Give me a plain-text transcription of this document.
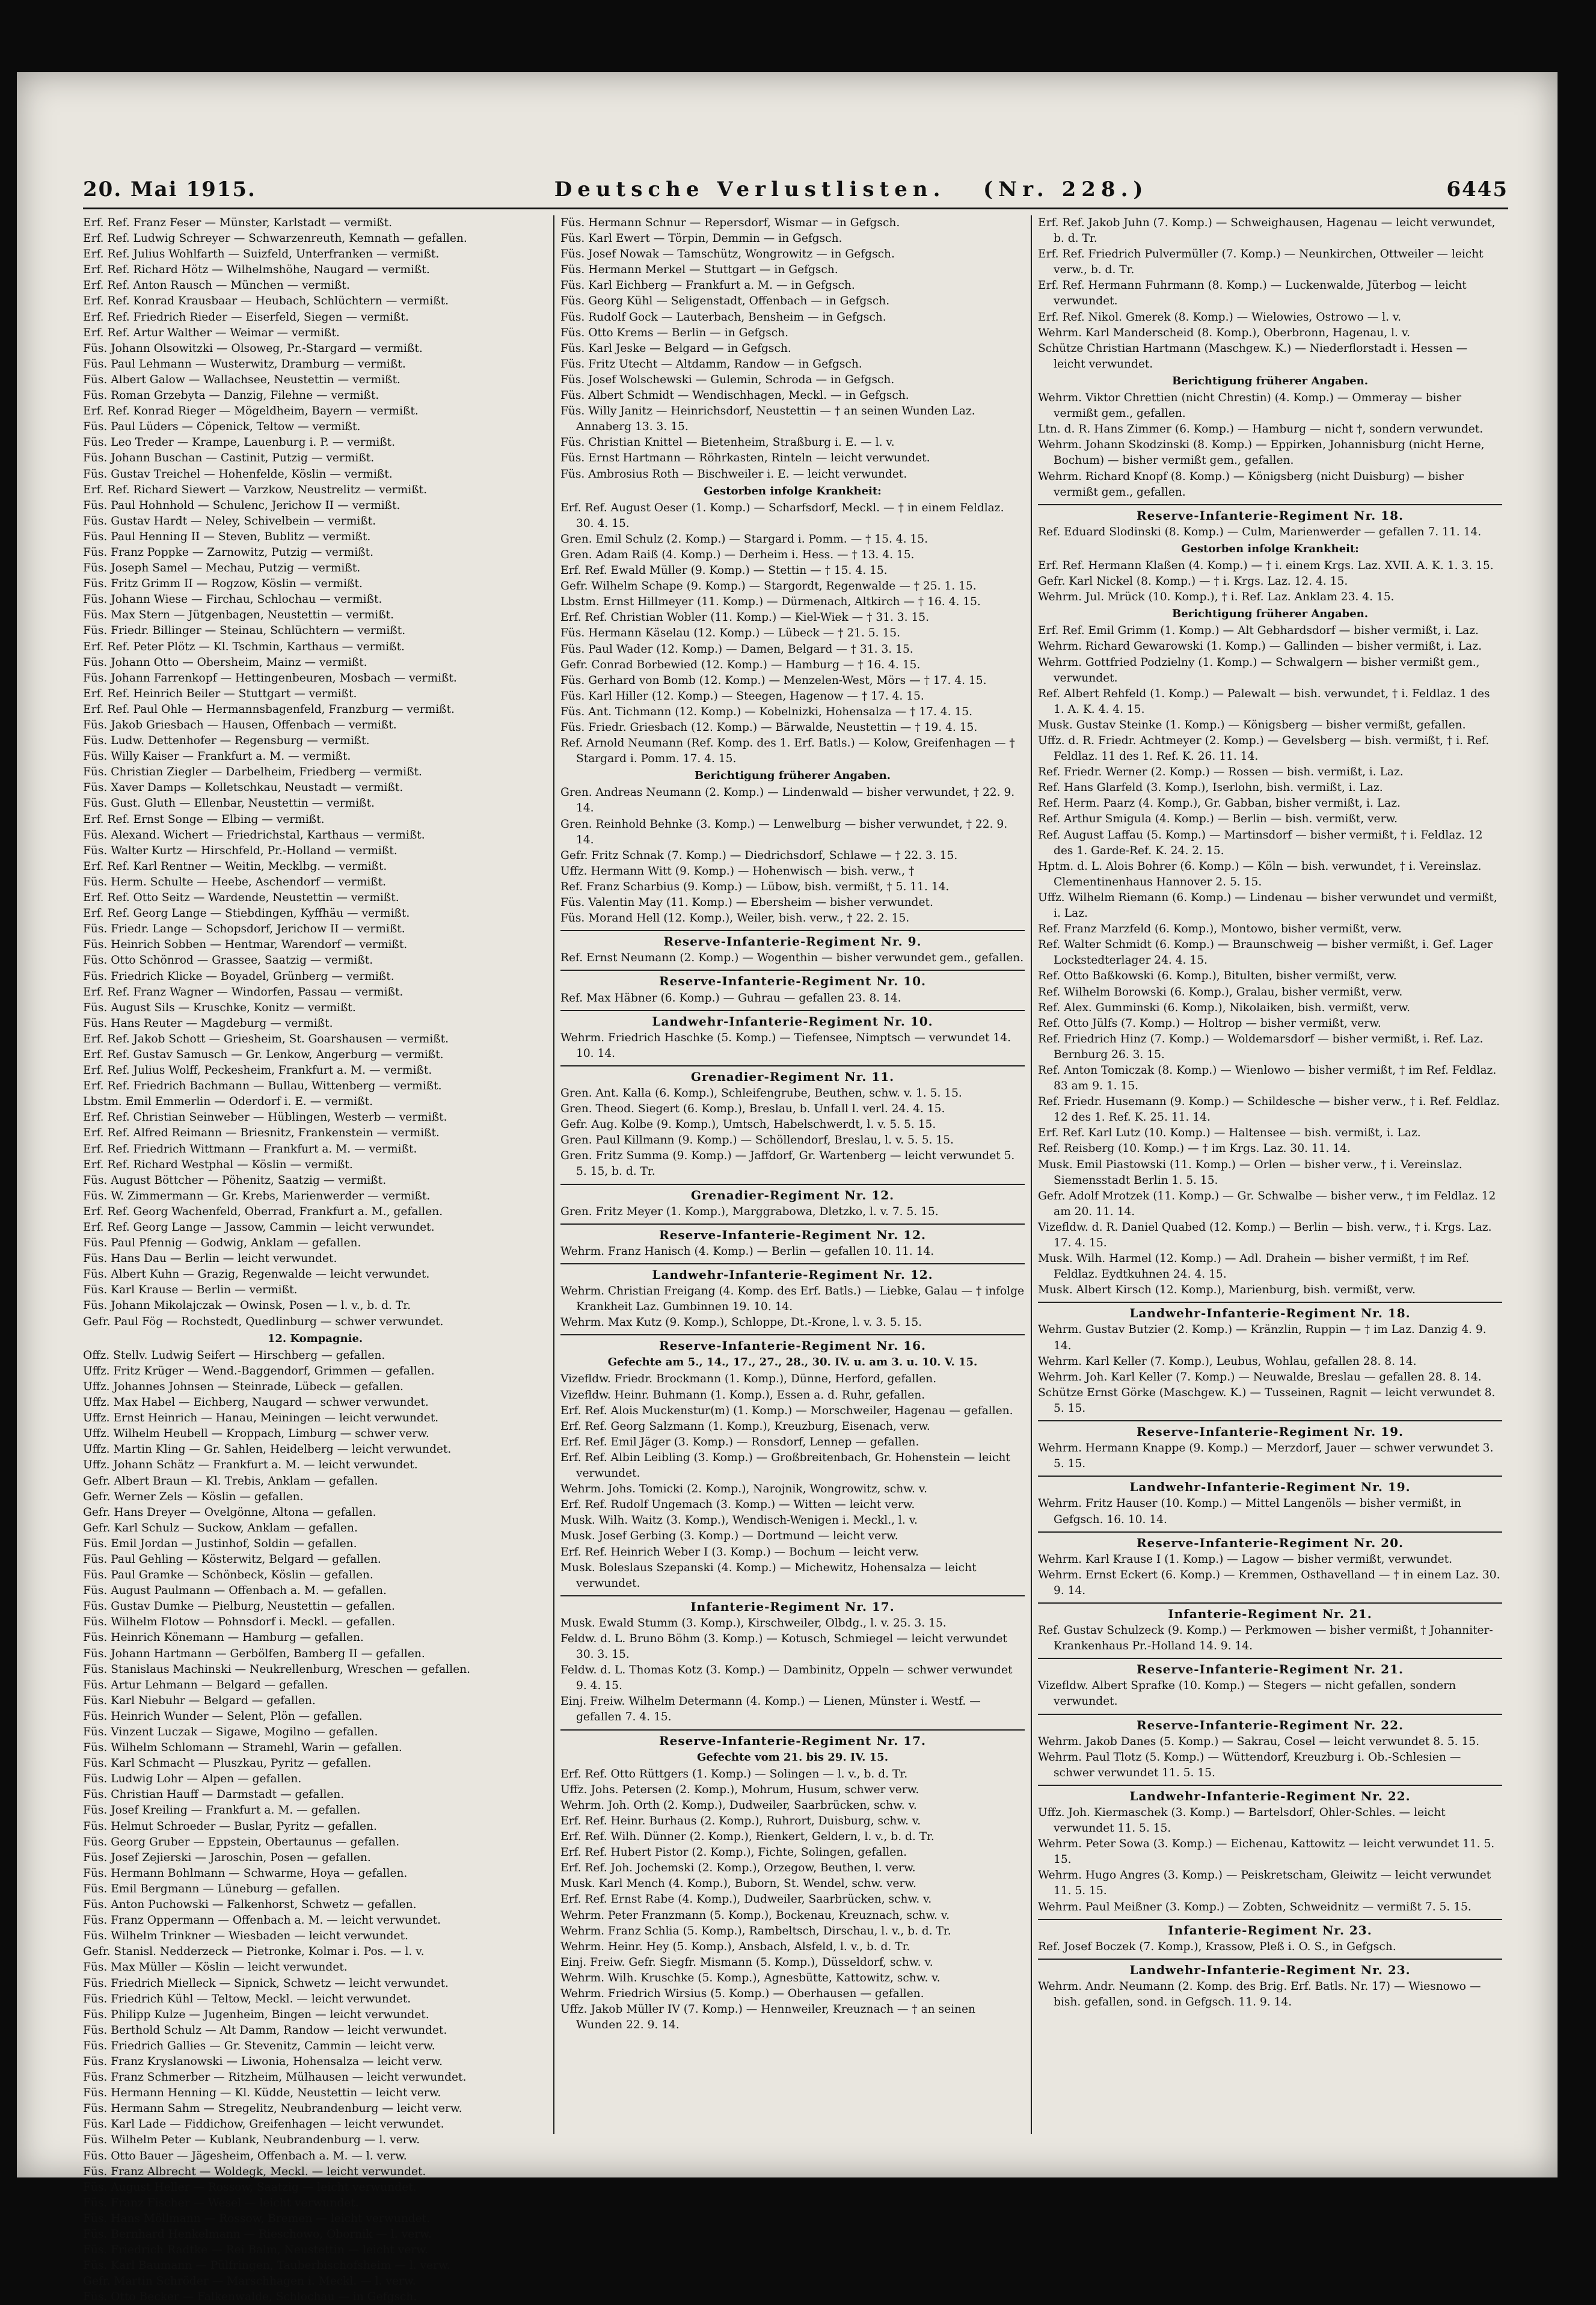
20. Mai 1915.	Deutsche Verlustlisten. (Nr. 228.)	6445
Erf. Ref. Franz Feser — Münster, Karlstadt — vermißt.
Erf. Ref. Ludwig Schreyer — Schwarzenreuth, Kemnath — gefallen.
Erf. Ref. Julius Wohlfarth — Suizfeld, Unterfranken — vermißt.
Erf. Ref. Richard Hötz — Wilhelmshöhe, Naugard — vermißt.
Erf. Ref. Anton Rausch — München — vermißt.
Erf. Ref. Konrad Krausbaar — Heubach, Schlüchtern — vermißt.
Erf. Ref. Friedrich Rieder — Eiserfeld, Siegen — vermißt.
Erf. Ref. Artur Walther — Weimar — vermißt.
Füs. Johann Olsowitzki — Olsoweg, Pr.-Stargard — vermißt.
Füs. Paul Lehmann — Wusterwitz, Dramburg — vermißt.
Füs. Albert Galow — Wallachsee, Neustettin — vermißt.
Füs. Roman Grzebyta — Danzig, Filehne — vermißt.
Erf. Ref. Konrad Rieger — Mögeldheim, Bayern — vermißt.
Füs. Paul Lüders — Cöpenick, Teltow — vermißt.
Füs. Leo Treder — Krampe, Lauenburg i. P. — vermißt.
Füs. Johann Buschan — Castinit, Putzig — vermißt.
Füs. Gustav Treichel — Hohenfelde, Köslin — vermißt.
Erf. Ref. Richard Siewert — Varzkow, Neustrelitz — vermißt.
Füs. Paul Hohnhold — Schulenc, Jerichow II — vermißt.
Füs. Gustav Hardt — Neley, Schivelbein — vermißt.
Füs. Paul Henning II — Steven, Bublitz — vermißt.
Füs. Franz Poppke — Zarnowitz, Putzig — vermißt.
Füs. Joseph Samel — Mechau, Putzig — vermißt.
Füs. Fritz Grimm II — Rogzow, Köslin — vermißt.
Füs. Johann Wiese — Firchau, Schlochau — vermißt.
Füs. Max Stern — Jütgenbagen, Neustettin — vermißt.
Füs. Friedr. Billinger — Steinau, Schlüchtern — vermißt.
Erf. Ref. Peter Plötz — Kl. Tschmin, Karthaus — vermißt.
Füs. Johann Otto — Obersheim, Mainz — vermißt.
Füs. Johann Farrenkopf — Hettingenbeuren, Mosbach — vermißt.
Erf. Ref. Heinrich Beiler — Stuttgart — vermißt.
Erf. Ref. Paul Ohle — Hermannsbagenfeld, Franzburg — vermißt.
Füs. Jakob Griesbach — Hausen, Offenbach — vermißt.
Füs. Ludw. Dettenhofer — Regensburg — vermißt.
Füs. Willy Kaiser — Frankfurt a. M. — vermißt.
Füs. Christian Ziegler — Darbelheim, Friedberg — vermißt.
Füs. Xaver Damps — Kolletschkau, Neustadt — vermißt.
Füs. Gust. Gluth — Ellenbar, Neustettin — vermißt.
Erf. Ref. Ernst Songe — Elbing — vermißt.
Füs. Alexand. Wichert — Friedrichstal, Karthaus — vermißt.
Füs. Walter Kurtz — Hirschfeld, Pr.-Holland — vermißt.
Erf. Ref. Karl Rentner — Weitin, Mecklbg. — vermißt.
Füs. Herm. Schulte — Heebe, Aschendorf — vermißt.
Erf. Ref. Otto Seitz — Wardende, Neustettin — vermißt.
Erf. Ref. Georg Lange — Stiebdingen, Kyffhäu — vermißt.
Füs. Friedr. Lange — Schopsdorf, Jerichow II — vermißt.
Füs. Heinrich Sobben — Hentmar, Warendorf — vermißt.
Füs. Otto Schönrod — Grassee, Saatzig — vermißt.
Füs. Friedrich Klicke — Boyadel, Grünberg — vermißt.
Erf. Ref. Franz Wagner — Windorfen, Passau — vermißt.
Füs. August Sils — Kruschke, Konitz — vermißt.
Füs. Hans Reuter — Magdeburg — vermißt.
Erf. Ref. Jakob Schott — Griesheim, St. Goarshausen — vermißt.
Erf. Ref. Gustav Samusch — Gr. Lenkow, Angerburg — vermißt.
Erf. Ref. Julius Wolff, Peckesheim, Frankfurt a. M. — vermißt.
Erf. Ref. Friedrich Bachmann — Bullau, Wittenberg — vermißt.
Lbstm. Emil Emmerlin — Oderdorf i. E. — vermißt.
Erf. Ref. Christian Seinweber — Hüblingen, Westerb — vermißt.
Erf. Ref. Alfred Reimann — Briesnitz, Frankenstein — vermißt.
Erf. Ref. Friedrich Wittmann — Frankfurt a. M. — vermißt.
Erf. Ref. Richard Westphal — Köslin — vermißt.
Füs. August Böttcher — Pöhenitz, Saatzig — vermißt.
Füs. W. Zimmermann — Gr. Krebs, Marienwerder — vermißt.
Erf. Ref. Georg Wachenfeld, Oberrad, Frankfurt a. M., gefallen.
Erf. Ref. Georg Lange — Jassow, Cammin — leicht verwundet.
Füs. Paul Pfennig — Godwig, Anklam — gefallen.
Füs. Hans Dau — Berlin — leicht verwundet.
Füs. Albert Kuhn — Grazig, Regenwalde — leicht verwundet.
Füs. Karl Krause — Berlin — vermißt.
Füs. Johann Mikolajczak — Owinsk, Posen — l. v., b. d. Tr.
Gefr. Paul Fög — Rochstedt, Quedlinburg — schwer verwundet.
12. Kompagnie.
Offz. Stellv. Ludwig Seifert — Hirschberg — gefallen.
Uffz. Fritz Krüger — Wend.-Baggendorf, Grimmen — gefallen.
Uffz. Johannes Johnsen — Steinrade, Lübeck — gefallen.
Uffz. Max Habel — Eichberg, Naugard — schwer verwundet.
Uffz. Ernst Heinrich — Hanau, Meiningen — leicht verwundet.
Uffz. Wilhelm Heubell — Kroppach, Limburg — schwer verw.
Uffz. Martin Kling — Gr. Sahlen, Heidelberg — leicht verwundet.
Uffz. Johann Schätz — Frankfurt a. M. — leicht verwundet.
Gefr. Albert Braun — Kl. Trebis, Anklam — gefallen.
Gefr. Werner Zels — Köslin — gefallen.
Gefr. Hans Dreyer — Ovelgönne, Altona — gefallen.
Gefr. Karl Schulz — Suckow, Anklam — gefallen.
Füs. Emil Jordan — Justinhof, Soldin — gefallen.
Füs. Paul Gehling — Kösterwitz, Belgard — gefallen.
Füs. Paul Gramke — Schönbeck, Köslin — gefallen.
Füs. August Paulmann — Offenbach a. M. — gefallen.
Füs. Gustav Dumke — Pielburg, Neustettin — gefallen.
Füs. Wilhelm Flotow — Pohnsdorf i. Meckl. — gefallen.
Füs. Heinrich Könemann — Hamburg — gefallen.
Füs. Johann Hartmann — Gerbölfen, Bamberg II — gefallen.
Füs. Stanislaus Machinski — Neukrellenburg, Wreschen — gefallen.
Füs. Artur Lehmann — Belgard — gefallen.
Füs. Karl Niebuhr — Belgard — gefallen.
Füs. Heinrich Wunder — Selent, Plön — gefallen.
Füs. Vinzent Luczak — Sigawe, Mogilno — gefallen.
Füs. Wilhelm Schlomann — Stramehl, Warin — gefallen.
Füs. Karl Schmacht — Pluszkau, Pyritz — gefallen.
Füs. Ludwig Lohr — Alpen — gefallen.
Füs. Christian Hauff — Darmstadt — gefallen.
Füs. Josef Kreiling — Frankfurt a. M. — gefallen.
Füs. Helmut Schroeder — Buslar, Pyritz — gefallen.
Füs. Georg Gruber — Eppstein, Obertaunus — gefallen.
Füs. Josef Zejierski — Jaroschin, Posen — gefallen.
Füs. Hermann Bohlmann — Schwarme, Hoya — gefallen.
Füs. Emil Bergmann — Lüneburg — gefallen.
Füs. Anton Puchowski — Falkenhorst, Schwetz — gefallen.
Füs. Franz Oppermann — Offenbach a. M. — leicht verwundet.
Füs. Wilhelm Trinkner — Wiesbaden — leicht verwundet.
Gefr. Stanisl. Nedderzeck — Pietronke, Kolmar i. Pos. — l. v.
Füs. Max Müller — Köslin — leicht verwundet.
Füs. Friedrich Mielleck — Sipnick, Schwetz — leicht verwundet.
Füs. Friedrich Kühl — Teltow, Meckl. — leicht verwundet.
Füs. Philipp Kulze — Jugenheim, Bingen — leicht verwundet.
Füs. Berthold Schulz — Alt Damm, Randow — leicht verwundet.
Füs. Friedrich Gallies — Gr. Stevenitz, Cammin — leicht verw.
Füs. Franz Kryslanowski — Liwonia, Hohensalza — leicht verw.
Füs. Franz Schmerber — Ritzheim, Mülhausen — leicht verwundet.
Füs. Hermann Henning — Kl. Küdde, Neustettin — leicht verw.
Füs. Hermann Sahm — Stregelitz, Neubrandenburg — leicht verw.
Füs. Karl Lade — Fiddichow, Greifenhagen — leicht verwundet.
Füs. Wilhelm Peter — Kublank, Neubrandenburg — l. verw.
Füs. Otto Bauer — Jägesheim, Offenbach a. M. — l. verw.
Füs. Franz Albrecht — Woldegk, Meckl. — leicht verwundet.
Füs. August Heller — Rossow, Saatzig — leicht verwundet.
Füs. Franz Fischer — Wesel — leicht verwundet.
Füs. Hans Möllmann — Rossow, Bremen — leicht verwundet.
Füs. Bernhard Henkelmann — Rieschowo, Obornik — l. verw.
Füs. Friedrich Radtke — Rei Balm, Neustettin — leicht verw.
Füs. Karl Baumann — Pülfringen, Tauberbischofsheim — l. verw.
Gefr. Martin Schröder — Marschhagen i. Meckl. — l. verw.
Füs. Otto Becker — Falkenwalde, Schlochau — in Gefgsch.
Füs. Hermann Schnur — Repersdorf, Wismar — in Gefgsch.
Füs. Karl Ewert — Törpin, Demmin — in Gefgsch.
Füs. Josef Nowak — Tamschütz, Wongrowitz — in Gefgsch.
Füs. Hermann Merkel — Stuttgart — in Gefgsch.
Füs. Karl Eichberg — Frankfurt a. M. — in Gefgsch.
Füs. Georg Kühl — Seligenstadt, Offenbach — in Gefgsch.
Füs. Rudolf Gock — Lauterbach, Bensheim — in Gefgsch.
Füs. Otto Krems — Berlin — in Gefgsch.
Füs. Karl Jeske — Belgard — in Gefgsch.
Füs. Fritz Utecht — Altdamm, Randow — in Gefgsch.
Füs. Josef Wolschewski — Gulemin, Schroda — in Gefgsch.
Füs. Albert Schmidt — Wendischhagen, Meckl. — in Gefgsch.
Füs. Willy Janitz — Heinrichsdorf, Neustettin — † an seinen Wunden Laz. Annaberg 13. 3. 15.
Füs. Christian Knittel — Bietenheim, Straßburg i. E. — l. v.
Füs. Ernst Hartmann — Röhrkasten, Rinteln — leicht verwundet.
Füs. Ambrosius Roth — Bischweiler i. E. — leicht verwundet.
Gestorben infolge Krankheit:
Erf. Ref. August Oeser (1. Komp.) — Scharfsdorf, Meckl. — † in einem Feldlaz. 30. 4. 15.
Gren. Emil Schulz (2. Komp.) — Stargard i. Pomm. — † 15. 4. 15.
Gren. Adam Raiß (4. Komp.) — Derheim i. Hess. — † 13. 4. 15.
Erf. Ref. Ewald Müller (9. Komp.) — Stettin — † 15. 4. 15.
Gefr. Wilhelm Schape (9. Komp.) — Stargordt, Regenwalde — † 25. 1. 15.
Lbstm. Ernst Hillmeyer (11. Komp.) — Dürmenach, Altkirch — † 16. 4. 15.
Erf. Ref. Christian Wobler (11. Komp.) — Kiel-Wiek — † 31. 3. 15.
Füs. Hermann Käselau (12. Komp.) — Lübeck — † 21. 5. 15.
Füs. Paul Wader (12. Komp.) — Damen, Belgard — † 31. 3. 15.
Gefr. Conrad Borbewied (12. Komp.) — Hamburg — † 16. 4. 15.
Füs. Gerhard von Bomb (12. Komp.) — Menzelen-West, Mörs — † 17. 4. 15.
Füs. Karl Hiller (12. Komp.) — Steegen, Hagenow — † 17. 4. 15.
Füs. Ant. Tichmann (12. Komp.) — Kobelnizki, Hohensalza — † 17. 4. 15.
Füs. Friedr. Griesbach (12. Komp.) — Bärwalde, Neustettin — † 19. 4. 15.
Ref. Arnold Neumann (Ref. Komp. des 1. Erf. Batls.) — Kolow, Greifenhagen — † Stargard i. Pomm. 17. 4. 15.
Berichtigung früherer Angaben.
Gren. Andreas Neumann (2. Komp.) — Lindenwald — bisher verwundet, † 22. 9. 14.
Gren. Reinhold Behnke (3. Komp.) — Lenwelburg — bisher verwundet, † 22. 9. 14.
Gefr. Fritz Schnak (7. Komp.) — Diedrichsdorf, Schlawe — † 22. 3. 15.
Uffz. Hermann Witt (9. Komp.) — Hohenwisch — bish. verw., †
Ref. Franz Scharbius (9. Komp.) — Lübow, bish. vermißt, † 5. 11. 14.
Füs. Valentin May (11. Komp.) — Ebersheim — bisher verwundet.
Füs. Morand Hell (12. Komp.), Weiler, bish. verw., † 22. 2. 15.
Reserve-Infanterie-Regiment Nr. 9.
Ref. Ernst Neumann (2. Komp.) — Wogenthin — bisher verwundet gem., gefallen.
Reserve-Infanterie-Regiment Nr. 10.
Ref. Max Häbner (6. Komp.) — Guhrau — gefallen 23. 8. 14.
Landwehr-Infanterie-Regiment Nr. 10.
Wehrm. Friedrich Haschke (5. Komp.) — Tiefensee, Nimptsch — verwundet 14. 10. 14.
Grenadier-Regiment Nr. 11.
Gren. Ant. Kalla (6. Komp.), Schleifengrube, Beuthen, schw. v. 1. 5. 15.
Gren. Theod. Siegert (6. Komp.), Breslau, b. Unfall l. verl. 24. 4. 15.
Gefr. Aug. Kolbe (9. Komp.), Umtsch, Habelschwerdt, l. v. 5. 5. 15.
Gren. Paul Killmann (9. Komp.) — Schöllendorf, Breslau, l. v. 5. 5. 15.
Gren. Fritz Summa (9. Komp.) — Jaffdorf, Gr. Wartenberg — leicht verwundet 5. 5. 15, b. d. Tr.
Grenadier-Regiment Nr. 12.
Gren. Fritz Meyer (1. Komp.), Marggrabowa, Dletzko, l. v. 7. 5. 15.
Reserve-Infanterie-Regiment Nr. 12.
Wehrm. Franz Hanisch (4. Komp.) — Berlin — gefallen 10. 11. 14.
Landwehr-Infanterie-Regiment Nr. 12.
Wehrm. Christian Freigang (4. Komp. des Erf. Batls.) — Liebke, Galau — † infolge Krankheit Laz. Gumbinnen 19. 10. 14.
Wehrm. Max Kutz (9. Komp.), Schloppe, Dt.-Krone, l. v. 3. 5. 15.
Reserve-Infanterie-Regiment Nr. 16.
Gefechte am 5., 14., 17., 27., 28., 30. IV. u. am 3. u. 10. V. 15.
Vizefldw. Friedr. Brockmann (1. Komp.), Dünne, Herford, gefallen.
Vizefldw. Heinr. Buhmann (1. Komp.), Essen a. d. Ruhr, gefallen.
Erf. Ref. Alois Muckenstur(m) (1. Komp.) — Morschweiler, Hagenau — gefallen.
Erf. Ref. Georg Salzmann (1. Komp.), Kreuzburg, Eisenach, verw.
Erf. Ref. Emil Jäger (3. Komp.) — Ronsdorf, Lennep — gefallen.
Erf. Ref. Albin Leibling (3. Komp.) — Großbreitenbach, Gr. Hohenstein — leicht verwundet.
Wehrm. Johs. Tomicki (2. Komp.), Narojnik, Wongrowitz, schw. v.
Erf. Ref. Rudolf Ungemach (3. Komp.) — Witten — leicht verw.
Musk. Wilh. Waitz (3. Komp.), Wendisch-Wenigen i. Meckl., l. v.
Musk. Josef Gerbing (3. Komp.) — Dortmund — leicht verw.
Erf. Ref. Heinrich Weber I (3. Komp.) — Bochum — leicht verw.
Musk. Boleslaus Szepanski (4. Komp.) — Michewitz, Hohensalza — leicht verwundet.
Infanterie-Regiment Nr. 17.
Musk. Ewald Stumm (3. Komp.), Kirschweiler, Olbdg., l. v. 25. 3. 15.
Feldw. d. L. Bruno Böhm (3. Komp.) — Kotusch, Schmiegel — leicht verwundet 30. 3. 15.
Feldw. d. L. Thomas Kotz (3. Komp.) — Dambinitz, Oppeln — schwer verwundet 9. 4. 15.
Einj. Freiw. Wilhelm Determann (4. Komp.) — Lienen, Münster i. Westf. — gefallen 7. 4. 15.
Reserve-Infanterie-Regiment Nr. 17.
Gefechte vom 21. bis 29. IV. 15.
Erf. Ref. Otto Rüttgers (1. Komp.) — Solingen — l. v., b. d. Tr.
Uffz. Johs. Petersen (2. Komp.), Mohrum, Husum, schwer verw.
Wehrm. Joh. Orth (2. Komp.), Dudweiler, Saarbrücken, schw. v.
Erf. Ref. Heinr. Burhaus (2. Komp.), Ruhrort, Duisburg, schw. v.
Erf. Ref. Wilh. Dünner (2. Komp.), Rienkert, Geldern, l. v., b. d. Tr.
Erf. Ref. Hubert Pistor (2. Komp.), Fichte, Solingen, gefallen.
Erf. Ref. Joh. Jochemski (2. Komp.), Orzegow, Beuthen, l. verw.
Musk. Karl Mench (4. Komp.), Buborn, St. Wendel, schw. verw.
Erf. Ref. Ernst Rabe (4. Komp.), Dudweiler, Saarbrücken, schw. v.
Wehrm. Peter Franzmann (5. Komp.), Bockenau, Kreuznach, schw. v.
Wehrm. Franz Schlia (5. Komp.), Rambeltsch, Dirschau, l. v., b. d. Tr.
Wehrm. Heinr. Hey (5. Komp.), Ansbach, Alsfeld, l. v., b. d. Tr.
Einj. Freiw. Gefr. Siegfr. Mismann (5. Komp.), Düsseldorf, schw. v.
Wehrm. Wilh. Kruschke (5. Komp.), Agnesbütte, Kattowitz, schw. v.
Wehrm. Friedrich Wirsius (5. Komp.) — Oberhausen — gefallen.
Uffz. Jakob Müller IV (7. Komp.) — Hennweiler, Kreuznach — † an seinen Wunden 22. 9. 14.
Erf. Ref. Jakob Juhn (7. Komp.) — Schweighausen, Hagenau — leicht verwundet, b. d. Tr.
Erf. Ref. Friedrich Pulvermüller (7. Komp.) — Neunkirchen, Ottweiler — leicht verw., b. d. Tr.
Erf. Ref. Hermann Fuhrmann (8. Komp.) — Luckenwalde, Jüterbog — leicht verwundet.
Erf. Ref. Nikol. Gmerek (8. Komp.) — Wielowies, Ostrowo — l. v.
Wehrm. Karl Manderscheid (8. Komp.), Oberbronn, Hagenau, l. v.
Schütze Christian Hartmann (Maschgew. K.) — Niederflorstadt i. Hessen — leicht verwundet.
Berichtigung früherer Angaben.
Wehrm. Viktor Chrettien (nicht Chrestin) (4. Komp.) — Ommeray — bisher vermißt gem., gefallen.
Ltn. d. R. Hans Zimmer (6. Komp.) — Hamburg — nicht †, sondern verwundet.
Wehrm. Johann Skodzinski (8. Komp.) — Eppirken, Johannisburg (nicht Herne, Bochum) — bisher vermißt gem., gefallen.
Wehrm. Richard Knopf (8. Komp.) — Königsberg (nicht Duisburg) — bisher vermißt gem., gefallen.
Reserve-Infanterie-Regiment Nr. 18.
Ref. Eduard Slodinski (8. Komp.) — Culm, Marienwerder — gefallen 7. 11. 14.
Gestorben infolge Krankheit:
Erf. Ref. Hermann Klaßen (4. Komp.) — † i. einem Krgs. Laz. XVII. A. K. 1. 3. 15.
Gefr. Karl Nickel (8. Komp.) — † i. Krgs. Laz. 12. 4. 15.
Wehrm. Jul. Mrück (10. Komp.), † i. Ref. Laz. Anklam 23. 4. 15.
Berichtigung früherer Angaben.
Erf. Ref. Emil Grimm (1. Komp.) — Alt Gebhardsdorf — bisher vermißt, i. Laz.
Wehrm. Richard Gewarowski (1. Komp.) — Gallinden — bisher vermißt, i. Laz.
Wehrm. Gottfried Podzielny (1. Komp.) — Schwalgern — bisher vermißt gem., verwundet.
Ref. Albert Rehfeld (1. Komp.) — Palewalt — bish. verwundet, † i. Feldlaz. 1 des 1. A. K. 4. 4. 15.
Musk. Gustav Steinke (1. Komp.) — Königsberg — bisher vermißt, gefallen.
Uffz. d. R. Friedr. Achtmeyer (2. Komp.) — Gevelsberg — bish. vermißt, † i. Ref. Feldlaz. 11 des 1. Ref. K. 26. 11. 14.
Ref. Friedr. Werner (2. Komp.) — Rossen — bish. vermißt, i. Laz.
Ref. Hans Glarfeld (3. Komp.), Iserlohn, bish. vermißt, i. Laz.
Ref. Herm. Paarz (4. Komp.), Gr. Gabban, bisher vermißt, i. Laz.
Ref. Arthur Smigula (4. Komp.) — Berlin — bish. vermißt, verw.
Ref. August Laffau (5. Komp.) — Martinsdorf — bisher vermißt, † i. Feldlaz. 12 des 1. Garde-Ref. K. 24. 2. 15.
Hptm. d. L. Alois Bohrer (6. Komp.) — Köln — bish. verwundet, † i. Vereinslaz. Clementinenhaus Hannover 2. 5. 15.
Uffz. Wilhelm Riemann (6. Komp.) — Lindenau — bisher verwundet und vermißt, i. Laz.
Ref. Franz Marzfeld (6. Komp.), Montowo, bisher vermißt, verw.
Ref. Walter Schmidt (6. Komp.) — Braunschweig — bisher vermißt, i. Gef. Lager Lockstedterlager 24. 4. 15.
Ref. Otto Baßkowski (6. Komp.), Bitulten, bisher vermißt, verw.
Ref. Wilhelm Borowski (6. Komp.), Gralau, bisher vermißt, verw.
Ref. Alex. Gumminski (6. Komp.), Nikolaiken, bish. vermißt, verw.
Ref. Otto Jülfs (7. Komp.) — Holtrop — bisher vermißt, verw.
Ref. Friedrich Hinz (7. Komp.) — Woldemarsdorf — bisher vermißt, i. Ref. Laz. Bernburg 26. 3. 15.
Ref. Anton Tomiczak (8. Komp.) — Wienlowo — bisher vermißt, † im Ref. Feldlaz. 83 am 9. 1. 15.
Ref. Friedr. Husemann (9. Komp.) — Schildesche — bisher verw., † i. Ref. Feldlaz. 12 des 1. Ref. K. 25. 11. 14.
Erf. Ref. Karl Lutz (10. Komp.) — Haltensee — bish. vermißt, i. Laz.
Ref. Reisberg (10. Komp.) — † im Krgs. Laz. 30. 11. 14.
Musk. Emil Piastowski (11. Komp.) — Orlen — bisher verw., † i. Vereinslaz. Siemensstadt Berlin 1. 5. 15.
Gefr. Adolf Mrotzek (11. Komp.) — Gr. Schwalbe — bisher verw., † im Feldlaz. 12 am 20. 11. 14.
Vizefldw. d. R. Daniel Quabed (12. Komp.) — Berlin — bish. verw., † i. Krgs. Laz. 17. 4. 15.
Musk. Wilh. Harmel (12. Komp.) — Adl. Drahein — bisher vermißt, † im Ref. Feldlaz. Eydtkuhnen 24. 4. 15.
Musk. Albert Kirsch (12. Komp.), Marienburg, bish. vermißt, verw.
Landwehr-Infanterie-Regiment Nr. 18.
Wehrm. Gustav Butzier (2. Komp.) — Kränzlin, Ruppin — † im Laz. Danzig 4. 9. 14.
Wehrm. Karl Keller (7. Komp.), Leubus, Wohlau, gefallen 28. 8. 14.
Wehrm. Joh. Karl Keller (7. Komp.) — Neuwalde, Breslau — gefallen 28. 8. 14.
Schütze Ernst Görke (Maschgew. K.) — Tusseinen, Ragnit — leicht verwundet 8. 5. 15.
Reserve-Infanterie-Regiment Nr. 19.
Wehrm. Hermann Knappe (9. Komp.) — Merzdorf, Jauer — schwer verwundet 3. 5. 15.
Landwehr-Infanterie-Regiment Nr. 19.
Wehrm. Fritz Hauser (10. Komp.) — Mittel Langenöls — bisher vermißt, in Gefgsch. 16. 10. 14.
Reserve-Infanterie-Regiment Nr. 20.
Wehrm. Karl Krause I (1. Komp.) — Lagow — bisher vermißt, verwundet.
Wehrm. Ernst Eckert (6. Komp.) — Kremmen, Osthavelland — † in einem Laz. 30. 9. 14.
Infanterie-Regiment Nr. 21.
Ref. Gustav Schulzeck (9. Komp.) — Perkmowen — bisher vermißt, † Johanniter-Krankenhaus Pr.-Holland 14. 9. 14.
Reserve-Infanterie-Regiment Nr. 21.
Vizefldw. Albert Sprafke (10. Komp.) — Stegers — nicht gefallen, sondern verwundet.
Reserve-Infanterie-Regiment Nr. 22.
Wehrm. Jakob Danes (5. Komp.) — Sakrau, Cosel — leicht verwundet 8. 5. 15.
Wehrm. Paul Tlotz (5. Komp.) — Wüttendorf, Kreuzburg i. Ob.-Schlesien — schwer verwundet 11. 5. 15.
Landwehr-Infanterie-Regiment Nr. 22.
Uffz. Joh. Kiermaschek (3. Komp.) — Bartelsdorf, Ohler-Schles. — leicht verwundet 11. 5. 15.
Wehrm. Peter Sowa (3. Komp.) — Eichenau, Kattowitz — leicht verwundet 11. 5. 15.
Wehrm. Hugo Angres (3. Komp.) — Peiskretscham, Gleiwitz — leicht verwundet 11. 5. 15.
Wehrm. Paul Meißner (3. Komp.) — Zobten, Schweidnitz — vermißt 7. 5. 15.
Infanterie-Regiment Nr. 23.
Ref. Josef Boczek (7. Komp.), Krassow, Pleß i. O. S., in Gefgsch.
Landwehr-Infanterie-Regiment Nr. 23.
Wehrm. Andr. Neumann (2. Komp. des Brig. Erf. Batls. Nr. 17) — Wiesnowo — bish. gefallen, sond. in Gefgsch. 11. 9. 14.
